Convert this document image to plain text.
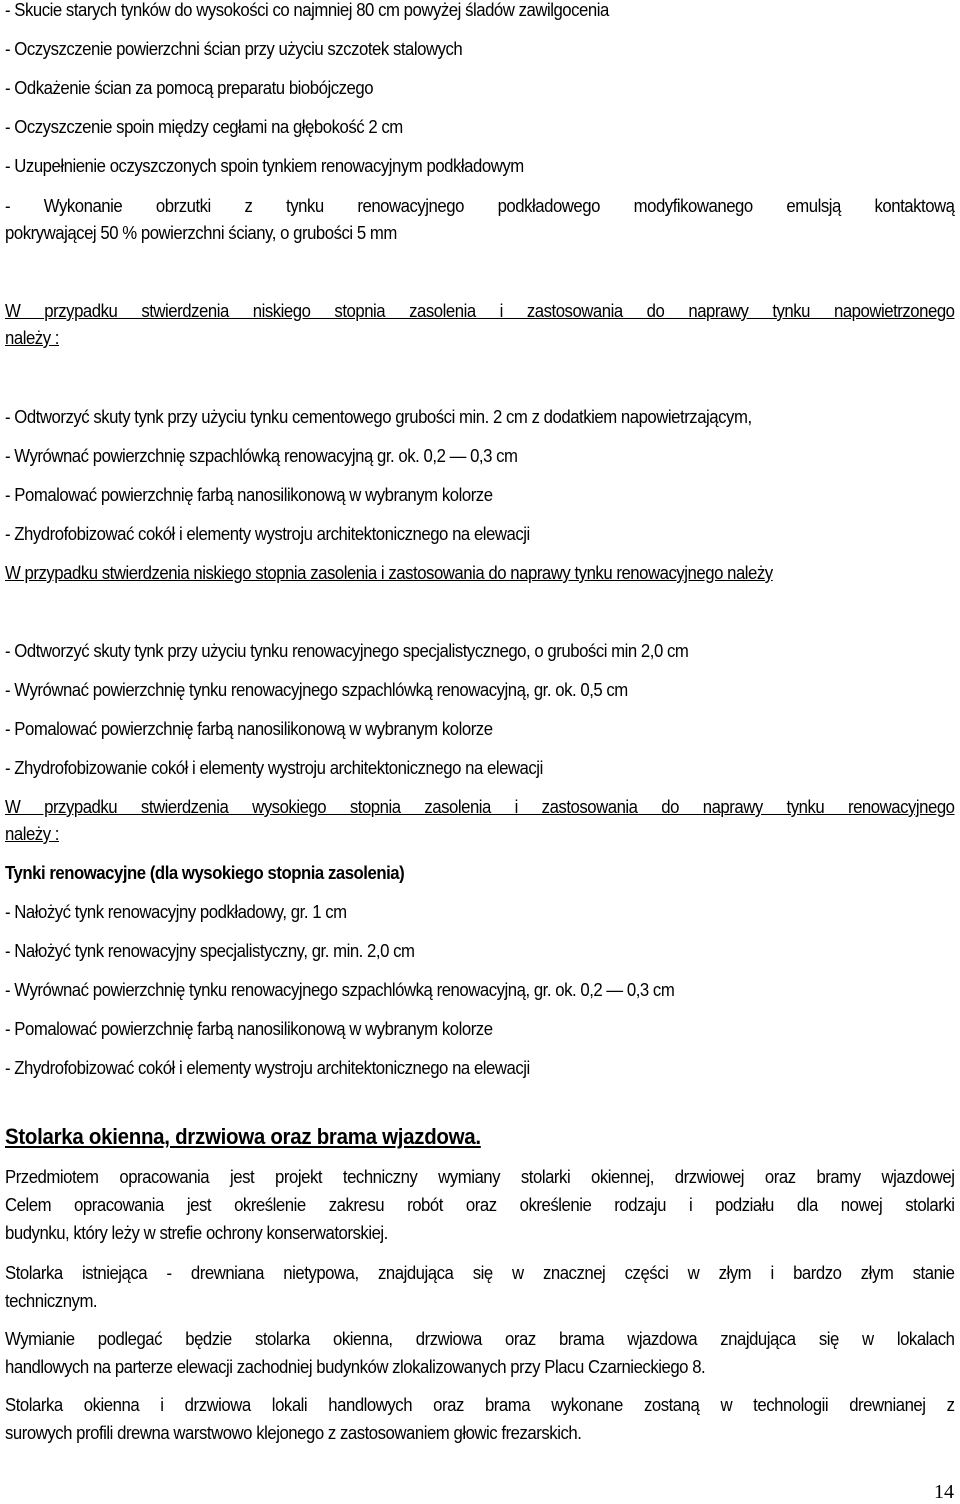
- Skucie starych tynków do wysokości co najmniej 80 cm powyżej śladów zawilgocenia

- Oczyszczenie powierzchni ścian przy użyciu szczotek stalowych

- Odkażenie ścian za pomocą preparatu biobójczego

- Oczyszczenie spoin między cegłami na głębokość 2 cm

- Uzupełnienie oczyszczonych spoin tynkiem renowacyjnym podkładowym

- Wykonanie obrzutki z tynku renowacyjnego podkładowego modyfikowanego emulsją kontaktową

pokrywającej 50 % powierzchni ściany, o grubości 5 mm

W przypadku stwierdzenia niskiego stopnia zasolenia i zastosowania do naprawy tynku napowietrzonego

należy :

- Odtworzyć skuty tynk przy użyciu tynku cementowego grubości min. 2 cm z dodatkiem napowietrzającym,

- Wyrównać powierzchnię szpachlówką renowacyjną gr. ok. 0,2 — 0,3 cm

- Pomalować powierzchnię farbą nanosilikonową w wybranym kolorze

- Zhydrofobizować cokół i elementy wystroju architektonicznego na elewacji

W przypadku stwierdzenia niskiego stopnia zasolenia i zastosowania do naprawy tynku renowacyjnego należy

- Odtworzyć skuty tynk przy użyciu tynku renowacyjnego specjalistycznego, o grubości min 2,0 cm

- Wyrównać powierzchnię tynku renowacyjnego szpachlówką renowacyjną, gr. ok. 0,5 cm

- Pomalować powierzchnię farbą nanosilikonową w wybranym kolorze

- Zhydrofobizowanie cokół i elementy wystroju architektonicznego na elewacji

W przypadku stwierdzenia wysokiego stopnia zasolenia i zastosowania do naprawy tynku renowacyjnego

należy :

Tynki renowacyjne (dla wysokiego stopnia zasolenia)

- Nałożyć tynk renowacyjny podkładowy, gr. 1 cm

- Nałożyć tynk renowacyjny specjalistyczny, gr. min. 2,0 cm

- Wyrównać powierzchnię tynku renowacyjnego szpachlówką renowacyjną, gr. ok. 0,2 — 0,3 cm

- Pomalować powierzchnię farbą nanosilikonową w wybranym kolorze

- Zhydrofobizować cokół i elementy wystroju architektonicznego na elewacji

Stolarka okienna, drzwiowa oraz brama wjazdowa.

Przedmiotem opracowania jest projekt techniczny wymiany stolarki okiennej, drzwiowej oraz bramy wjazdowej

Celem opracowania jest określenie zakresu robót oraz określenie rodzaju i podziału dla nowej stolarki

budynku, który leży w strefie ochrony konserwatorskiej.

Stolarka istniejąca - drewniana nietypowa, znajdująca się w znacznej części w złym i bardzo złym stanie

technicznym.

Wymianie podlegać będzie stolarka okienna, drzwiowa oraz brama wjazdowa znajdująca się w lokalach

handlowych na parterze elewacji zachodniej budynków zlokalizowanych przy Placu Czarnieckiego 8.

Stolarka okienna i drzwiowa lokali handlowych oraz brama wykonane zostaną w technologii drewnianej z

surowych profili drewna warstwowo klejonego z zastosowaniem głowic frezarskich.

14
